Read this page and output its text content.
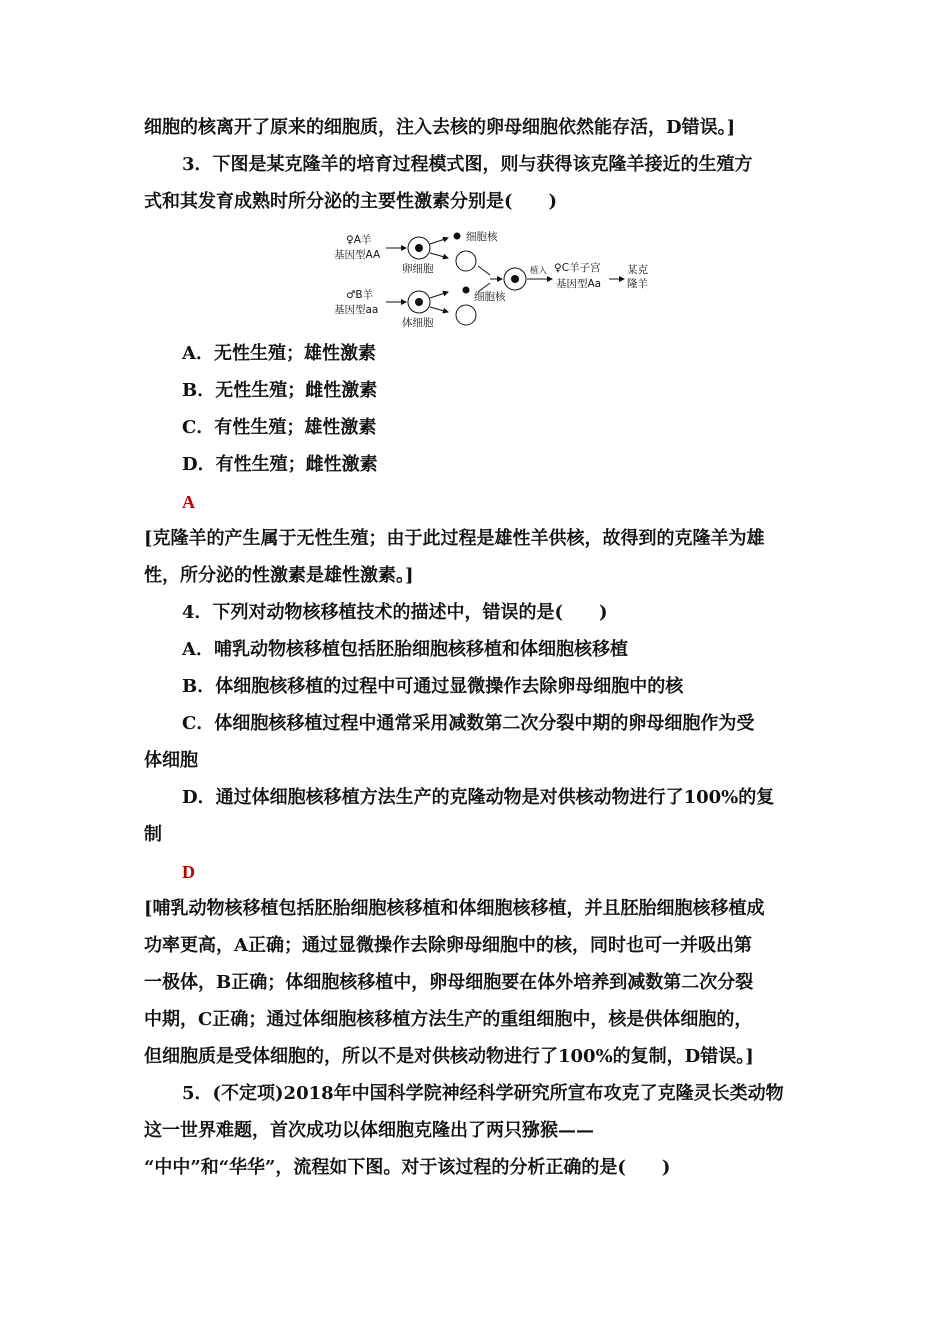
细胞的核离开了原来的细胞质，注入去核的卵母细胞依然能存活，D错误。]
3．下图是某克隆羊的培育过程模式图，则与获得该克隆羊接近的生殖方
式和其发育成熟时所分泌的主要性激素分别是(　　)
♀A羊
基因型AA
卵细胞
细胞核
植入 ♀C羊子宫
基因型Aa
某克
隆羊
♂B羊
基因型aa
体细胞
细胞核
A．无性生殖；雄性激素
B．无性生殖；雌性激素
C．有性生殖；雄性激素
D．有性生殖；雌性激素
A
[克隆羊的产生属于无性生殖；由于此过程是雄性羊供核，故得到的克隆羊为雄
性，所分泌的性激素是雄性激素。]
4．下列对动物核移植技术的描述中，错误的是(　　)
A．哺乳动物核移植包括胚胎细胞核移植和体细胞核移植
B．体细胞核移植的过程中可通过显微操作去除卵母细胞中的核
C．体细胞核移植过程中通常采用减数第二次分裂中期的卵母细胞作为受
体细胞
D．通过体细胞核移植方法生产的克隆动物是对供核动物进行了100%的复
制
D
[哺乳动物核移植包括胚胎细胞核移植和体细胞核移植，并且胚胎细胞核移植成
功率更高，A正确；通过显微操作去除卵母细胞中的核，同时也可一并吸出第
一极体，B正确；体细胞核移植中，卵母细胞要在体外培养到减数第二次分裂
中期，C正确；通过体细胞核移植方法生产的重组细胞中，核是供体细胞的，
但细胞质是受体细胞的，所以不是对供核动物进行了100%的复制，D错误。]
5．(不定项)2018年中国科学院神经科学研究所宣布攻克了克隆灵长类动物
这一世界难题，首次成功以体细胞克隆出了两只猕猴——
“中中”和“华华”，流程如下图。对于该过程的分析正确的是(　　)
